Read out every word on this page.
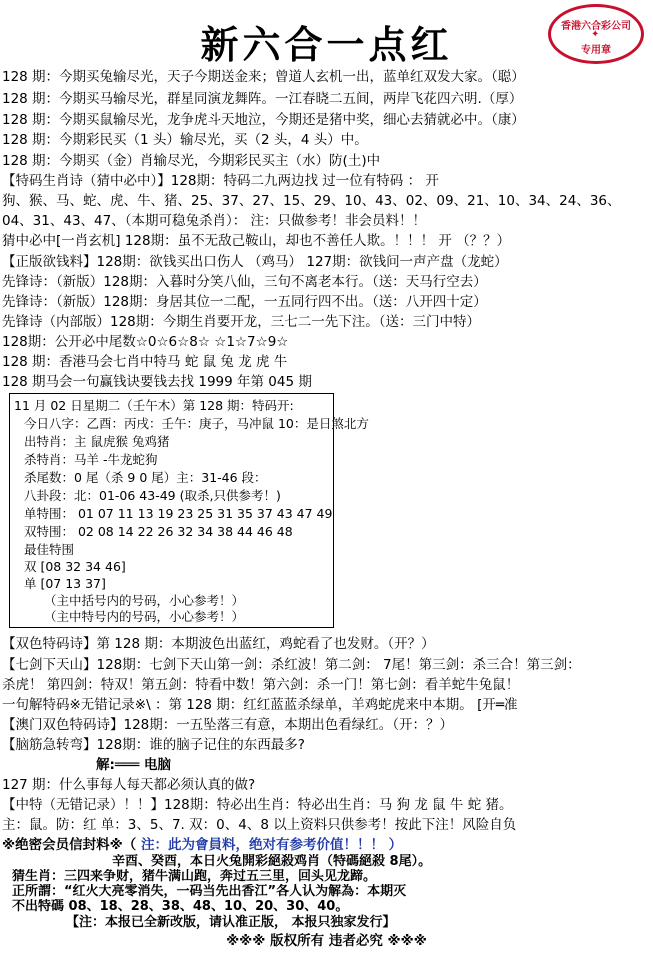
新六合一点红	香港六合彩公司
✦
专用章
128 期：今期买兔输尽光，天子今期送金来；曾道人玄机一出，蓝单红双发大家。（聪）
128 期：今期买马输尽光，群星同演龙舞阵。一江春晓二五间，两岸飞花四六明.（厚）
128 期：今期买鼠输尽光，龙争虎斗天地泣，今期还是猪中奖，细心去猜就必中。（康）
128 期：今期彩民买（1 头）输尽光，买（2 头，4 头）中。
128 期：今期买（金）肖输尽光，今期彩民买主（水）防(土)中
【特码生肖诗（猜中必中）】128期：特码二九两边找 过一位有特码 ： 开
狗、猴、马、蛇、虎、牛、猪、25、37、27、15、29、10、43、02、09、21、10、34、24、36、
04、31、43、47、（本期可稳兔杀肖）： 注：只做参考！非会员料！！
猜中必中[一肖玄机] 128期：虽不无敌己鞍山，却也不善任人欺。！！！ 开 （？？）
【正版欲钱料】128期：欲钱买出口伤人 （鸡马） 127期：欲钱问一声产盘（龙蛇）
先锋诗：（新版）128期：入暮时分笑八仙，三句不离老本行。（送：天马行空去）
先锋诗：（新版）128期：身居其位一二配，一五同行四不出。（送：八开四十定）
先锋诗（内部版）128期：今期生肖要开龙，三七二一先下注。（送：三门中特）
128期：公开必中尾数☆0☆6☆8☆ ☆1☆7☆9☆
128 期：香港马会七肖中特马 蛇 鼠 兔 龙 虎 牛
128 期马会一句赢钱诀要钱去找 1999 年第 045 期
11 月 02 日星期二（壬午木）第 128 期：特码开:
今日八字：乙酉：丙戌：壬午：庚子，马冲鼠 10：是日煞北方
出特肖：主 鼠虎猴 兔鸡猪
杀特肖：马羊 -牛龙蛇狗
杀尾数：0 尾（杀 9 0 尾）主：31-46 段：
八卦段：北：01-06 43-49 (取杀,只供参考！)
单特围： 01 07 11 13 19 23 25 31 35 37 43 47 49
双特围： 02 08 14 22 26 32 34 38 44 46 48
最佳特围
双 [08 32 34 46]
单 [07 13 37]
（主中括号内的号码，小心参考！）
（主中特号内的号码，小心参考！）
【双色特码诗】第 128 期：本期波色出蓝红，鸡蛇看了也发财。（开？）
【七剑下天山】128期：七剑下天山第一剑：杀红波！第二剑： 7尾！第三剑：杀三合！第三剑：
杀虎！ 第四剑：特双！第五剑：特看中数！第六剑：杀一门！第七剑：看羊蛇牛兔鼠！
一句解特码※无错记录※\ ：第 128 期：红红蓝蓝杀绿单，羊鸡蛇虎来中本期。 [开═准
【澳门双色特码诗】128期：一五坠落三有意，本期出色看绿红。（开：？）
【脑筋急转弯】128期：谁的脑子记住的东西最多?
解:═══ 电脑
127 期：什么事每人每天都必须认真的做?
【中特（无错记录）！！】128期：特必出生肖：特必出生肖：马 狗 龙 鼠 牛 蛇 猪。
主：鼠。防：红 单：3、5、7. 双：0、4、8 以上资料只供参考！按此下注！风险自负
※绝密会员信封料※（ 注：此为會員料，绝对有参考价值！！！ ）
辛酉、癸酉，本日火兔開彩絕殺鸡肖（特碼絕殺 8尾）。
猜生肖：三四来争财，猪牛满山跑，奔过五三里，回头见龙蹄。
正所謂：“红火大亮零消失，一码当先出香江”各人认为解為：本期灭
不出特碼 08、18、28、38、48、10、20、30、40。
【注：本报已全新改版，请认准正版， 本报只独家发行】
※※※ 版权所有 违者必究 ※※※
